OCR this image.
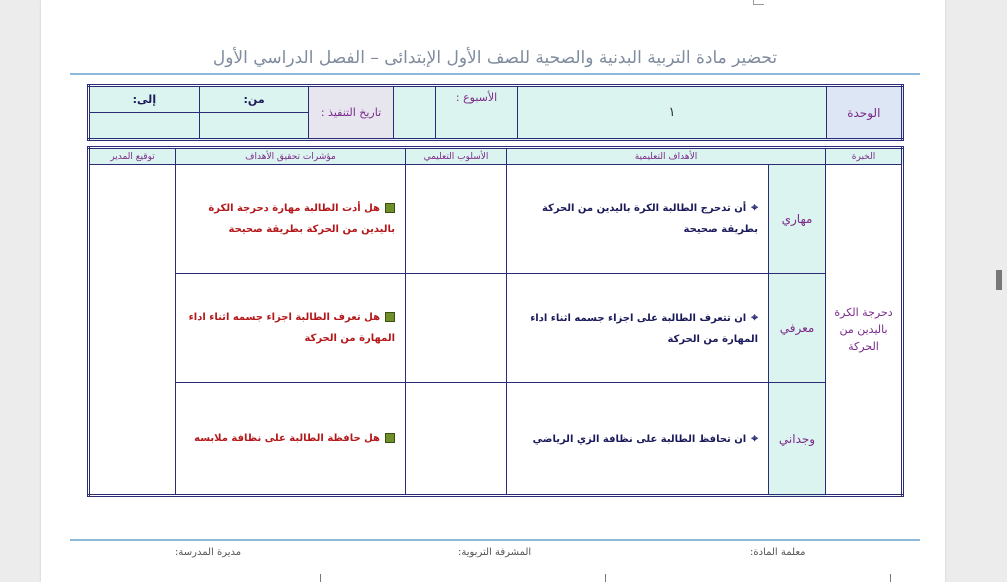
تحضير مادة التربية البدنية والصحية للصف الأول الإبتدائى – الفصل الدراسي الأول
الوحدة	١	الأسبوع :		تاريخ التنفيذ :	من:	إلى:

الخبرة	الأهداف التعليمية		الأسلوب التعليمي	مؤشرات تحقيق الأهداف	توقيع المدير
دحرجة الكرة باليدين من الحركة	مهاري	⌖أن تدحرج الطالبة الكرة باليدين من الحركة بطريقة صحيحة		هل أدت الطالبة مهارة دحرجة الكرة باليدين من الحركة بطريقة صحيحة	
	معرفي	⌖ان تتعرف الطالبة على اجزاء جسمه اثناء اداء المهارة من الحركة		هل تعرف الطالبة اجزاء جسمه اثناء اداء المهارة من الحركة	
	وجداني	⌖ان تحافظ الطالبة على نظافة الزي الرياضي		هل حافظة الطالبة على نظافة ملابسه	
معلمة المادة:
المشرفة التربوية:
مديرة المدرسة:
